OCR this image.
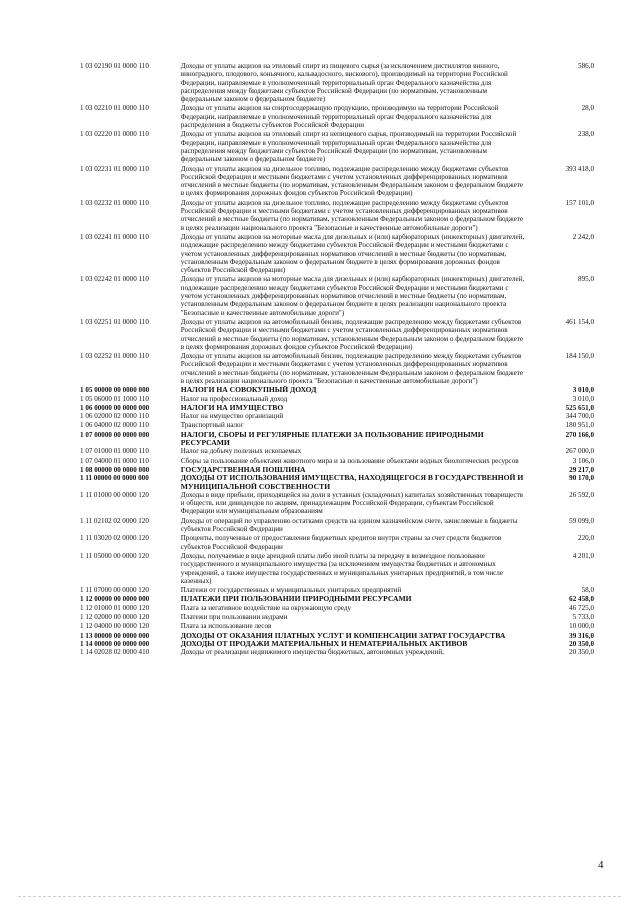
1 03 02190 01 0000 110	Доходы от уплаты акцизов на этиловый спирт из пищевого сырья (за исключением дистиллятов винного, виноградного, плодового, коньячного, кальвадосного, вискового), производимый на территории Российской Федерации, направляемые в уполномоченный территориальный орган Федерального казначейства для распределения между бюджетами субъектов Российской Федерации (по нормативам, установленным федеральным законом о федеральном бюджете)	586,0
1 03 02210 01 0000 110	Доходы от уплаты акцизов на спиртосодержащую продукцию, производимую на территории Российской Федерации, направляемые в уполномоченный территориальный орган Федерального казначейства для распределения в бюджеты субъектов Российской Федерации	28,0
1 03 02220 01 0000 110	Доходы от уплаты акцизов на этиловый спирт из непищевого сырья, производимый на территории Российской Федерации, направляемые в уполномоченный территориальный орган Федерального казначейства для распределения между бюджетами субъектов Российской Федерации (по нормативам, установленным федеральным законом о федеральном бюджете)	238,0
1 03 02231 01 0000 110	Доходы от уплаты акцизов на дизельное топливо, подлежащие распределению между бюджетами субъектов Российской Федерации и местными бюджетами с учетом установленных дифференцированных нормативов отчислений в местные бюджеты (по нормативам, установленным Федеральным законом о федеральном бюджете в целях формирования дорожных фондов субъектов Российской Федерации)	393 418,0
1 03 02232 01 0000 110	Доходы от уплаты акцизов на дизельное топливо, подлежащие распределению между бюджетами субъектов Российской Федерации и местными бюджетами с учетом установленных дифференцированных нормативов отчислений в местные бюджеты (по нормативам, установленным Федеральным законом о федеральном бюджете в целях реализации национального проекта "Безопасные и качественные автомобильные дороги")	157 101,0
1 03 02241 01 0000 110	Доходы от уплаты акцизов на моторные масла для дизельных и (или) карбюраторных (инжекторных) двигателей, подлежащие распределению между бюджетами субъектов Российской Федерации и местными бюджетами с учетом установленных дифференцированных нормативов отчислений в местные бюджеты (по нормативам, установленным Федеральным законом о федеральном бюджете в целях формирования дорожных фондов субъектов Российской Федерации)	2 242,0
1 03 02242 01 0000 110	Доходы от уплаты акцизов на моторные масла для дизельных и (или) карбюраторных (инжекторных) двигателей, подлежащие распределению между бюджетами субъектов Российской Федерации и местными бюджетами с учетом установленных дифференцированных нормативов отчислений в местные бюджеты (по нормативам, установленным Федеральным законом о федеральном бюджете в целях реализации национального проекта "Безопасные и качественные автомобильные дороги")	895,0
1 03 02251 01 0000 110	Доходы от уплаты акцизов на автомобильный бензин, подлежащие распределению между бюджетами субъектов Российской Федерации и местными бюджетами с учетом установленных дифференцированных нормативов отчислений в местные бюджеты (по нормативам, установленным Федеральным законом о федеральном бюджете в целях формирования дорожных фондов субъектов Российской Федерации)	461 154,0
1 03 02252 01 0000 110	Доходы от уплаты акцизов на автомобильный бензин, подлежащие распределению между бюджетами субъектов Российской Федерации и местными бюджетами с учетом установленных дифференцированных нормативов отчислений в местные бюджеты (по нормативам, установленным Федеральным законом о федеральном бюджете в целях реализации национального проекта "Безопасные и качественные автомобильные дороги")	184 150,0
1 05 00000 00 0000 000	НАЛОГИ НА СОВОКУПНЫЙ ДОХОД	3 010,0
1 05 06000 01 1000 110	Налог на профессиональный доход	3 010,0
1 06 00000 00 0000 000	НАЛОГИ НА ИМУЩЕСТВО	525 651,0
1 06 02000 02 0000 110	Налог на имущество организаций	344 700,0
1 06 04000 02 0000 110	Транспортный налог	180 951,0
1 07 00000 00 0000 000	НАЛОГИ, СБОРЫ И РЕГУЛЯРНЫЕ ПЛАТЕЖИ ЗА ПОЛЬЗОВАНИЕ ПРИРОДНЫМИ РЕСУРСАМИ	270 166,0
1 07 01000 01 0000 110	Налог на добычу полезных ископаемых	267 000,0
1 07 04000 01 0000 110	Сборы за пользование объектами животного мира и за пользование объектами водных биологических ресурсов	3 106,0
1 08 00000 00 0000 000	ГОСУДАРСТВЕННАЯ ПОШЛИНА	29 217,0
1 11 00000 00 0000 000	ДОХОДЫ ОТ ИСПОЛЬЗОВАНИЯ ИМУЩЕСТВА, НАХОДЯЩЕГОСЯ В ГОСУДАРСТВЕННОЙ И МУНИЦИПАЛЬНОЙ СОБСТВЕННОСТИ	90 170,0
1 11 01000 00 0000 120	Доходы в виде прибыли, приходящейся на доли в уставных (складочных) капиталах хозяйственных товариществ и обществ, или дивидендов по акциям, принадлежащим Российской Федерации, субъектам Российской Федерации или муниципальным образованиям	26 592,0
1 11 02102 02 0000 120	Доходы от операций по управлению остатками средств на едином казначейском счете, зачисляемые в бюджеты субъектов Российской Федерации	59 099,0
1 11 03020 02 0000 120	Проценты, полученные от предоставления бюджетных кредитов внутри страны за счет средств бюджетов субъектов Российской Федерации	220,0
1 11 05000 00 0000 120	Доходы, получаемые в виде арендной платы либо иной платы за передачу в возмездное пользование государственного и муниципального имущества (за исключением имущества бюджетных и автономных учреждений, а также имущества государственных и муниципальных унитарных предприятий, в том числе казенных)	4 201,0
1 11 07000 00 0000 120	Платежи от государственных и муниципальных унитарных предприятий	58,0
1 12 00000 00 0000 000	ПЛАТЕЖИ ПРИ ПОЛЬЗОВАНИИ ПРИРОДНЫМИ РЕСУРСАМИ	62 458,0
1 12 01000 01 0000 120	Плата за негативное воздействие на окружающую среду	46 725,0
1 12 02000 00 0000 120	Платежи при пользовании недрами	5 733,0
1 12 04000 00 0000 120	Плата за использование лесов	10 000,0
1 13 00000 00 0000 000	ДОХОДЫ ОТ ОКАЗАНИЯ ПЛАТНЫХ УСЛУГ И КОМПЕНСАЦИИ ЗАТРАТ ГОСУДАРСТВА	39 316,0
1 14 00000 00 0000 000	ДОХОДЫ ОТ ПРОДАЖИ МАТЕРИАЛЬНЫХ И НЕМАТЕРИАЛЬНЫХ АКТИВОВ	20 350,0
1 14 02028 02 0000 410	Доходы от реализации недвижимого имущества бюджетных, автономных учреждений,	20 350,0
4
